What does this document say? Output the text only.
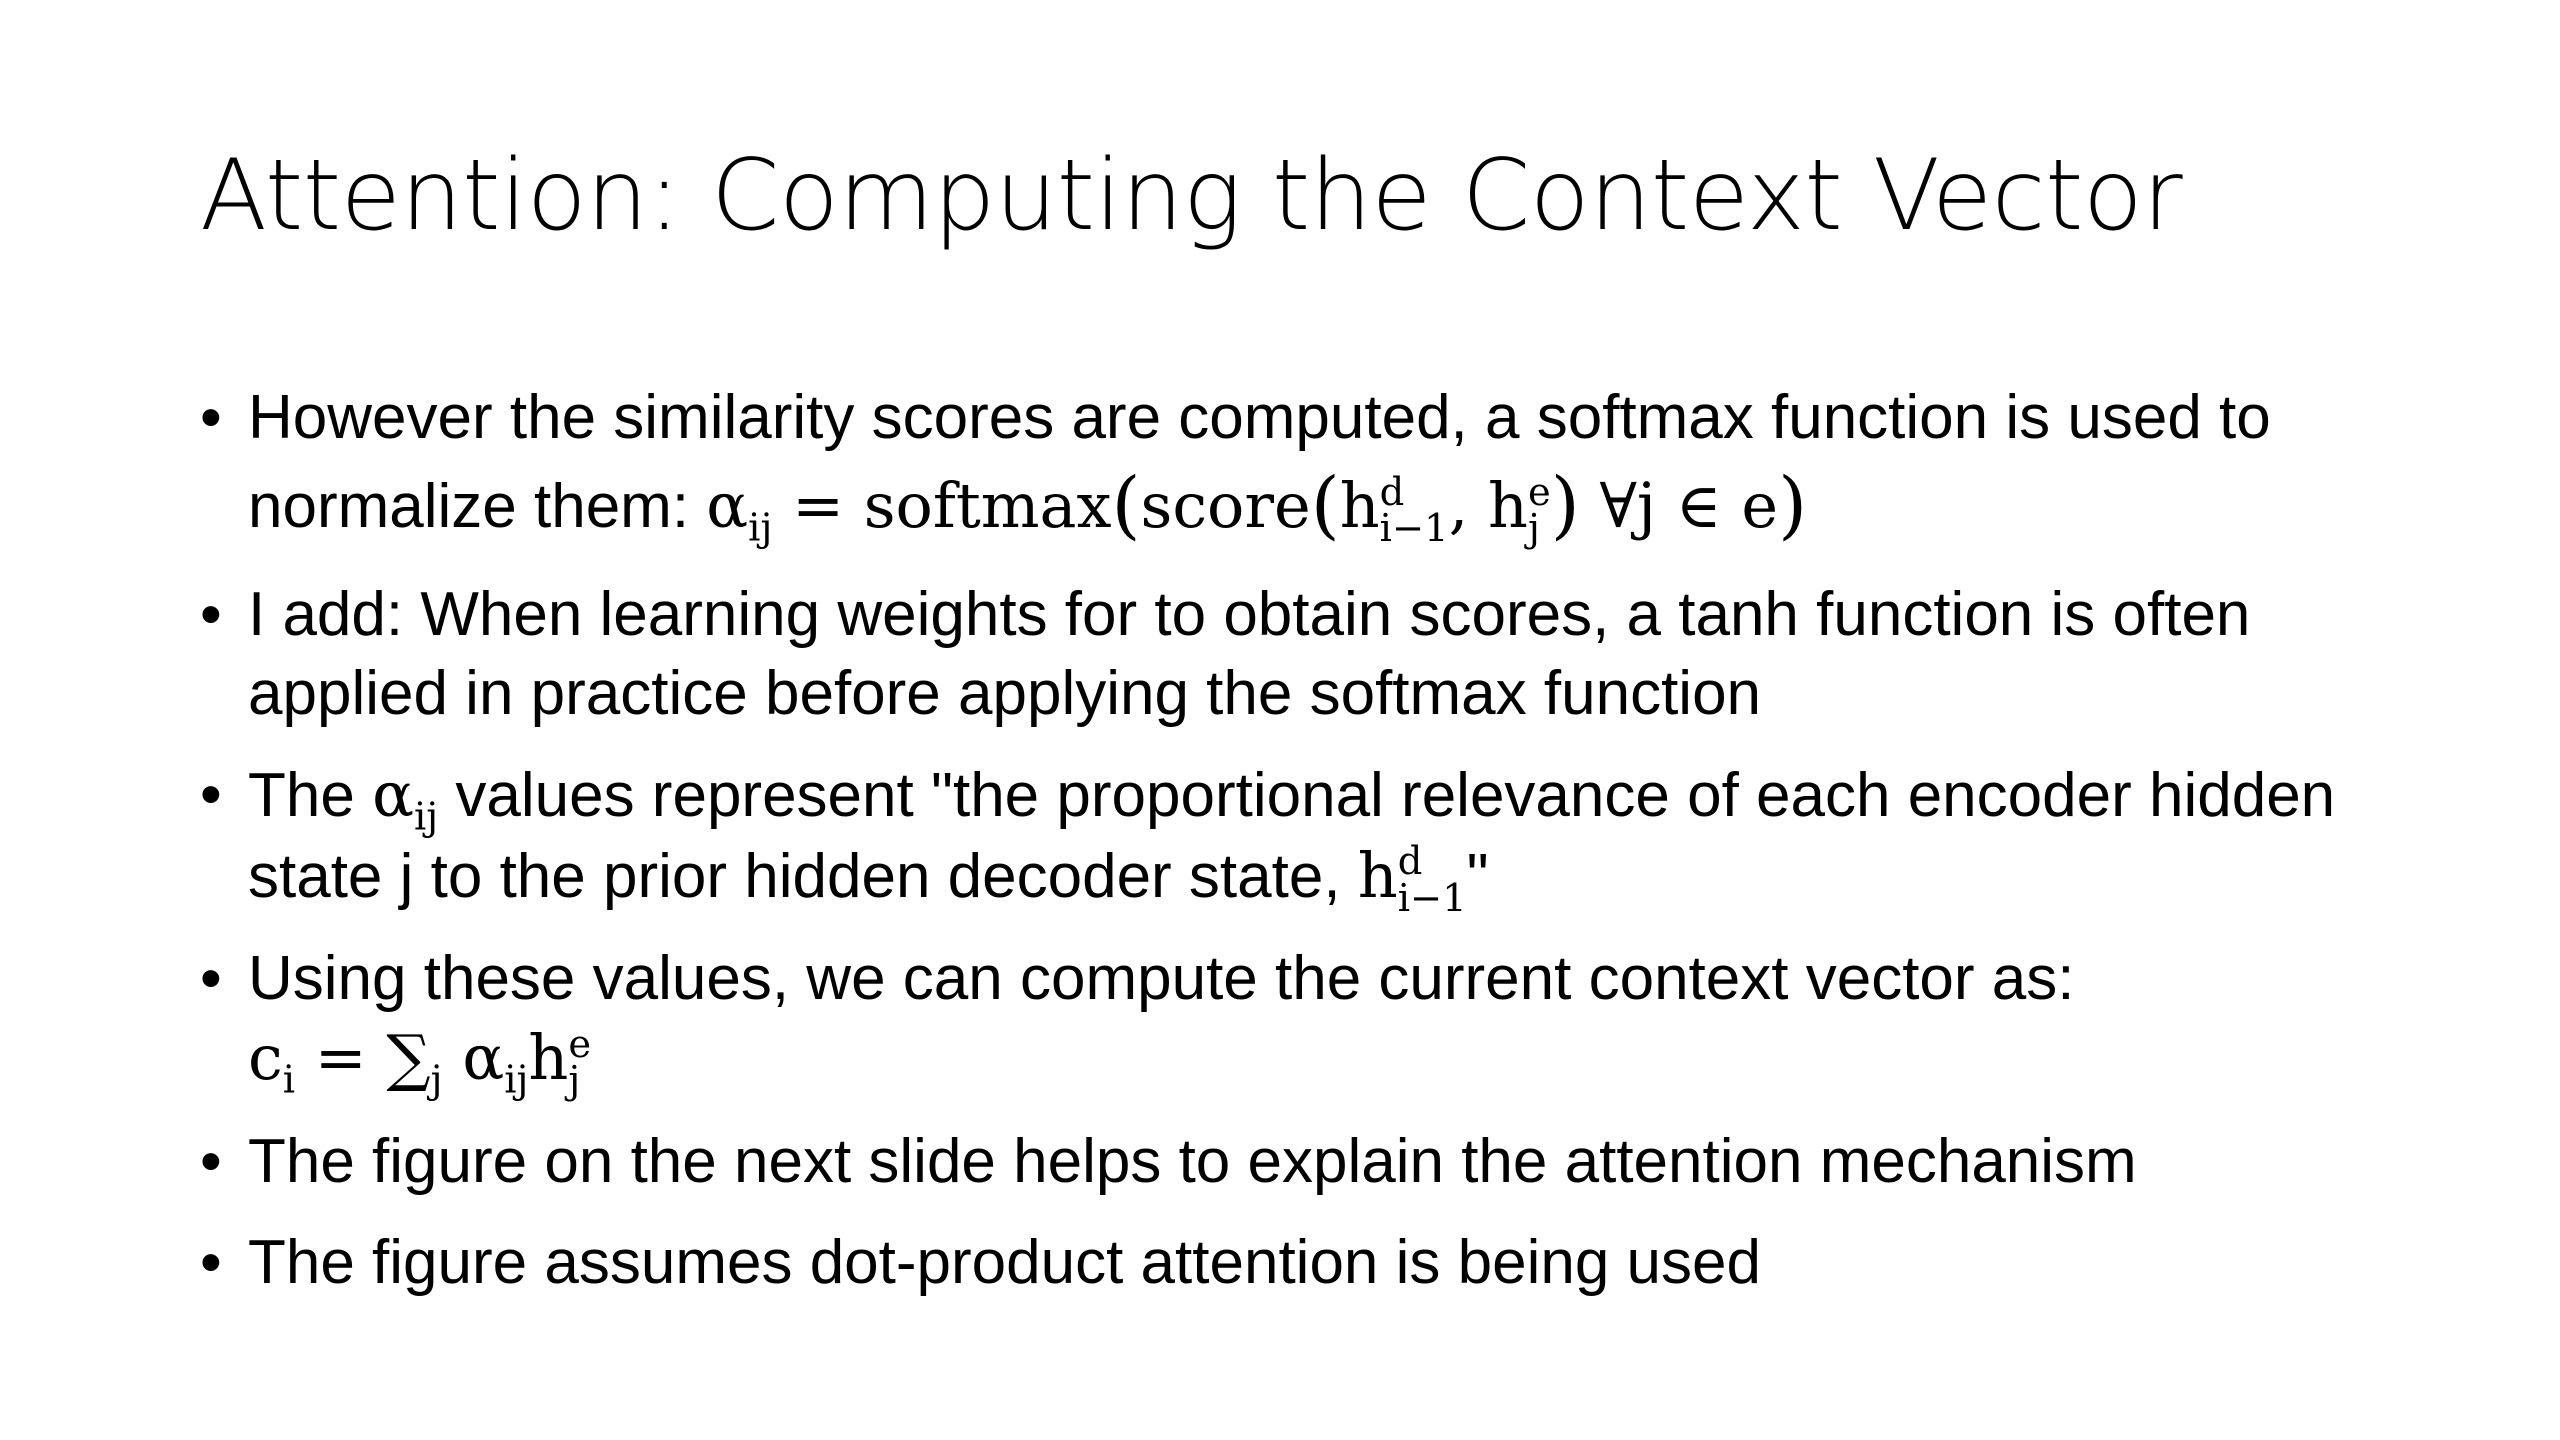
Attention: Computing the Context Vector
• However the similarity scores are computed, a softmax function is used to normalize them: $\alpha_{ij}$ = softmax(score(h d
i−1 , h e
j ) ∀j ∈ e)
• I add: When learning weights for to obtain scores, a tanh function is often applied in practice before applying the softmax function
• The $\alpha_{ij}$ values represent "the proportional relevance of each encoder hidden state j to the prior hidden decoder state, h d
i−1 "
• Using these values, we can compute the current context vector as:
$c_i = \sum_j$ $\alpha_{ij}h$ e
j
• The figure on the next slide helps to explain the attention mechanism
• The figure assumes dot-product attention is being used
